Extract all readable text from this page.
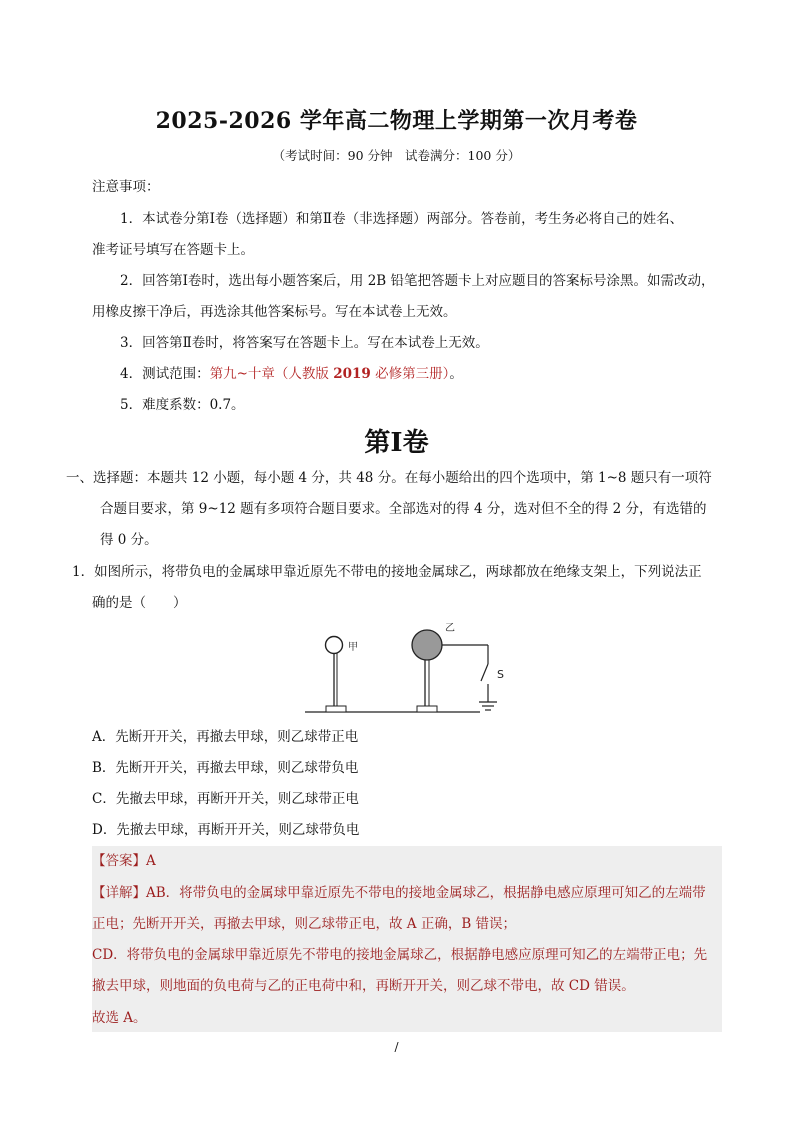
2025-2026 学年高二物理上学期第一次月考卷
（考试时间：90 分钟　试卷满分：100 分）
注意事项：
1．本试卷分第Ⅰ卷（选择题）和第Ⅱ卷（非选择题）两部分。答卷前，考生务必将自己的姓名、
准考证号填写在答题卡上。
2．回答第Ⅰ卷时，选出每小题答案后，用 2B 铅笔把答题卡上对应题目的答案标号涂黑。如需改动，
用橡皮擦干净后，再选涂其他答案标号。写在本试卷上无效。
3．回答第Ⅱ卷时，将答案写在答题卡上。写在本试卷上无效。
4．测试范围：第九~十章（人教版 2019 必修第三册）。
5．难度系数：0.7。
第Ⅰ卷
一、选择题：本题共 12 小题，每小题 4 分，共 48 分。在每小题给出的四个选项中，第 1~8 题只有一项符
合题目要求，第 9~12 题有多项符合题目要求。全部选对的得 4 分，选对但不全的得 2 分，有选错的
得 0 分。
1．如图所示，将带负电的金属球甲靠近原先不带电的接地金属球乙，两球都放在绝缘支架上，下列说法正
确的是（　　）
甲
乙
S
A．先断开开关，再撤去甲球，则乙球带正电
B．先断开开关，再撤去甲球，则乙球带负电
C．先撤去甲球，再断开开关，则乙球带正电
D．先撤去甲球，再断开开关，则乙球带负电
【答案】A
【详解】AB．将带负电的金属球甲靠近原先不带电的接地金属球乙，根据静电感应原理可知乙的左端带
正电；先断开开关，再撤去甲球，则乙球带正电，故 A 正确，B 错误；
CD．将带负电的金属球甲靠近原先不带电的接地金属球乙，根据静电感应原理可知乙的左端带正电；先
撤去甲球，则地面的负电荷与乙的正电荷中和，再断开开关，则乙球不带电，故 CD 错误。
故选 A。
/
